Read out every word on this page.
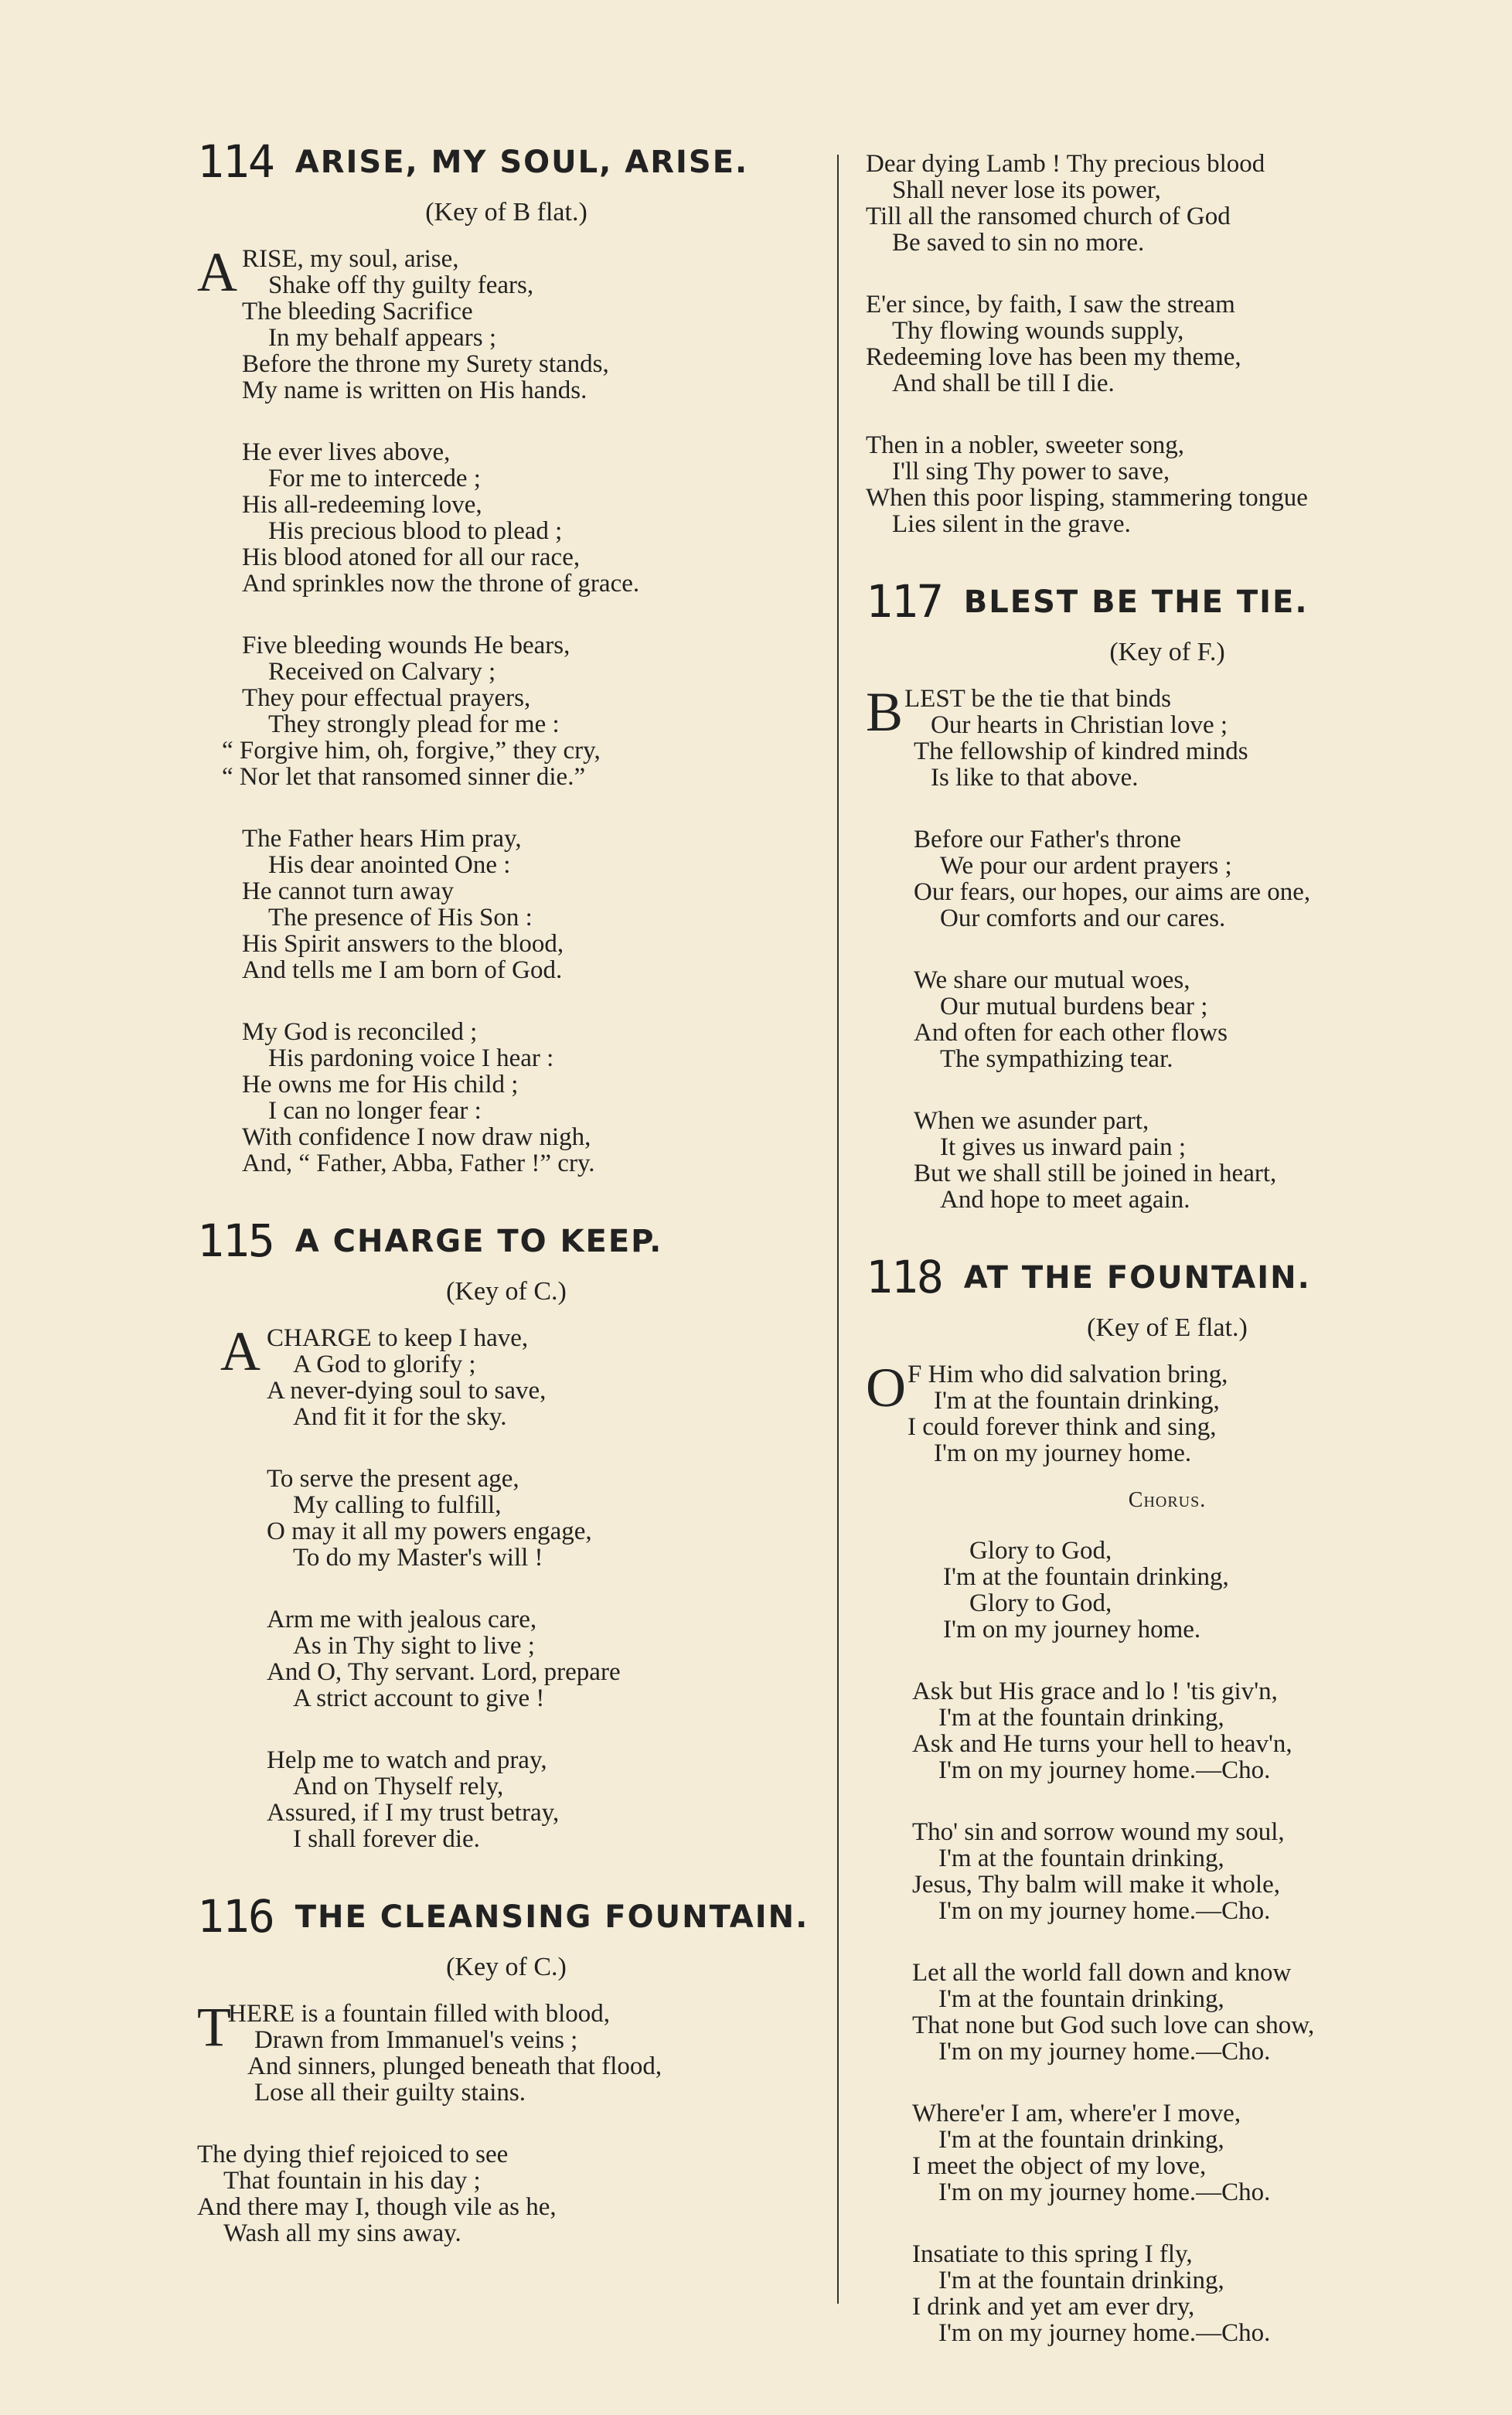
114 ARISE, MY SOUL, ARISE.
(Key of B flat.)
A RISE, my soul, arise,
Shake off thy guilty fears,
The bleeding Sacrifice
In my behalf appears ;
Before the throne my Surety stands,
My name is written on His hands.
He ever lives above,
For me to intercede ;
His all-redeeming love,
His precious blood to plead ;
His blood atoned for all our race,
And sprinkles now the throne of grace.
Five bleeding wounds He bears,
Received on Calvary ;
They pour effectual prayers,
They strongly plead for me :
“ Forgive him, oh, forgive,” they cry,
“ Nor let that ransomed sinner die.”
The Father hears Him pray,
His dear anointed One :
He cannot turn away
The presence of His Son :
His Spirit answers to the blood,
And tells me I am born of God.
My God is reconciled ;
His pardoning voice I hear :
He owns me for His child ;
I can no longer fear :
With confidence I now draw nigh,
And, “ Father, Abba, Father !” cry.
115 A CHARGE TO KEEP.
(Key of C.)
A CHARGE to keep I have,
A God to glorify ;
A never-dying soul to save,
And fit it for the sky.
To serve the present age,
My calling to fulfill,
O may it all my powers engage,
To do my Master's will !
Arm me with jealous care,
As in Thy sight to live ;
And O, Thy servant. Lord, prepare
A strict account to give !
Help me to watch and pray,
And on Thyself rely,
Assured, if I my trust betray,
I shall forever die.
116 THE CLEANSING FOUNTAIN.
(Key of C.)
T
HERE is a fountain filled with blood,
Drawn from Immanuel's veins ;
And sinners, plunged beneath that flood,
Lose all their guilty stains.
The dying thief rejoiced to see
That fountain in his day ;
And there may I, though vile as he,
Wash all my sins away.
Dear dying Lamb ! Thy precious blood
Shall never lose its power,
Till all the ransomed church of God
Be saved to sin no more.
E'er since, by faith, I saw the stream
Thy flowing wounds supply,
Redeeming love has been my theme,
And shall be till I die.
Then in a nobler, sweeter song,
I'll sing Thy power to save,
When this poor lisping, stammering tongue
Lies silent in the grave.
117 BLEST BE THE TIE.
(Key of F.)
B LEST be the tie that binds
Our hearts in Christian love ;
The fellowship of kindred minds
Is like to that above.
Before our Father's throne
We pour our ardent prayers ;
Our fears, our hopes, our aims are one,
Our comforts and our cares.
We share our mutual woes,
Our mutual burdens bear ;
And often for each other flows
The sympathizing tear.
When we asunder part,
It gives us inward pain ;
But we shall still be joined in heart,
And hope to meet again.
118 AT THE FOUNTAIN.
(Key of E flat.)
O F Him who did salvation bring,
I'm at the fountain drinking,
I could forever think and sing,
I'm on my journey home.
Chorus.
Glory to God,
I'm at the fountain drinking,
Glory to God,
I'm on my journey home.
Ask but His grace and lo ! 'tis giv'n,
I'm at the fountain drinking,
Ask and He turns your hell to heav'n,
I'm on my journey home.—Cho.
Tho' sin and sorrow wound my soul,
I'm at the fountain drinking,
Jesus, Thy balm will make it whole,
I'm on my journey home.—Cho.
Let all the world fall down and know
I'm at the fountain drinking,
That none but God such love can show,
I'm on my journey home.—Cho.
Where'er I am, where'er I move,
I'm at the fountain drinking,
I meet the object of my love,
I'm on my journey home.—Cho.
Insatiate to this spring I fly,
I'm at the fountain drinking,
I drink and yet am ever dry,
I'm on my journey home.—Cho.
